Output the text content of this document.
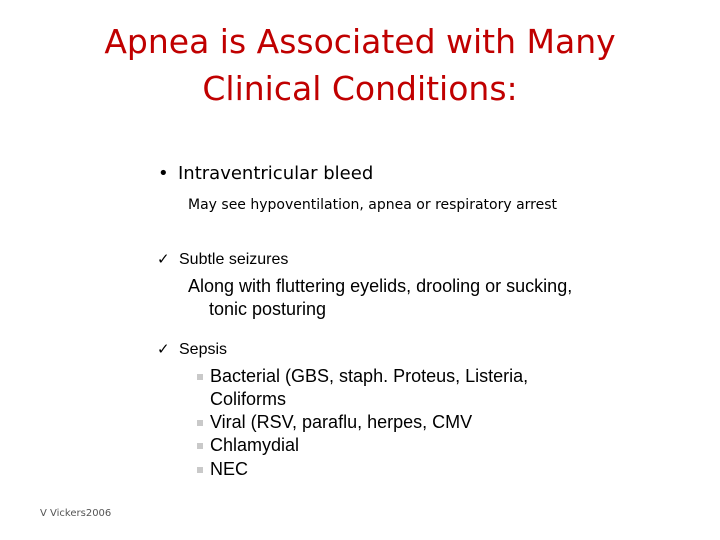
Apnea is Associated with Many
Clinical Conditions:
• Intraventricular bleed
May see hypoventilation, apnea or respiratory arrest
✓ Subtle seizures
Along with fluttering eyelids, drooling or sucking,
tonic posturing
✓ Sepsis
Bacterial (GBS, staph. Proteus, Listeria,
Coliforms
Viral (RSV, paraflu, herpes, CMV
Chlamydial
NEC
V Vickers2006
